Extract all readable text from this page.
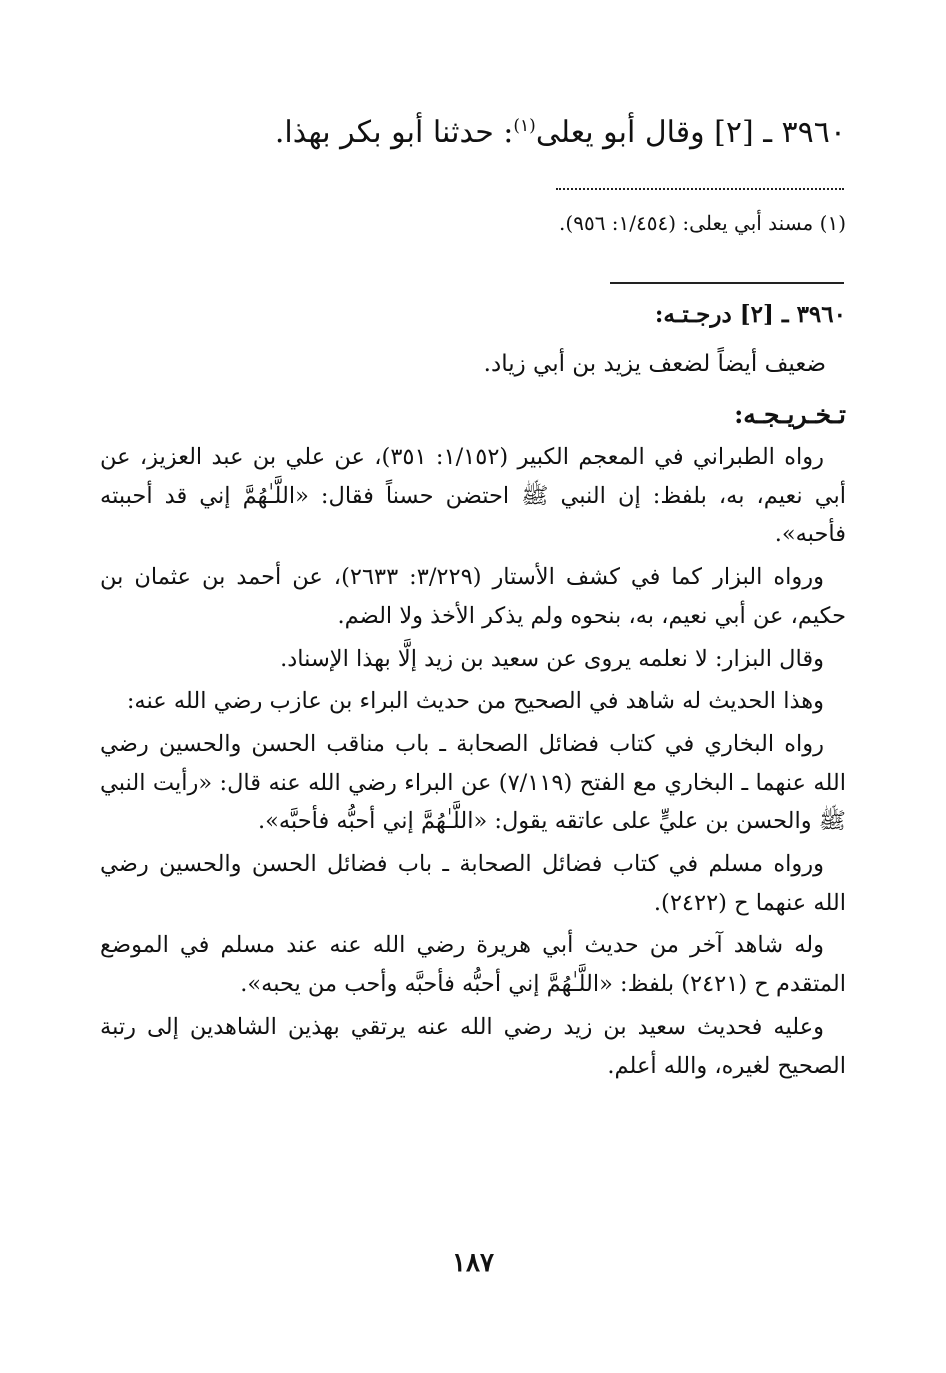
٣٩٦٠ ـ [٢] وقال أبو يعلى$^{(١)}$: حدثنا أبو بكر بهذا.

(١) مسند أبي يعلى: (١/٤٥٤: ٩٥٦).

٣٩٦٠ ـ [٢] درجـتـه:

ضعيف أيضاً لضعف يزيد بن أبي زياد.

تـخـريـجـه:

رواه الطبراني في المعجم الكبير (١/١٥٢: ٣٥١)، عن علي بن عبد العزيز، عن أبي نعيم، به، بلفظ: إن النبي ﷺ احتضن حسناً فقال: «اللَّـٰهُمَّ إني قد أحببته فأحبه».

ورواه البزار كما في كشف الأستار (٣/٢٢٩: ٢٦٣٣)، عن أحمد بن عثمان بن حكيم، عن أبي نعيم، به، بنحوه ولم يذكر الأخذ ولا الضم.

وقال البزار: لا نعلمه يروى عن سعيد بن زيد إلَّا بهذا الإسناد.

وهذا الحديث له شاهد في الصحيح من حديث البراء بن عازب رضي الله عنه:

رواه البخاري في كتاب فضائل الصحابة ـ باب مناقب الحسن والحسين رضي الله عنهما ـ البخاري مع الفتح (٧/١١٩) عن البراء رضي الله عنه قال: «رأيت النبي ﷺ والحسن بن عليٍّ على عاتقه يقول: «اللَّـٰهُمَّ إني أحبُّه فأحبَّه».

ورواه مسلم في كتاب فضائل الصحابة ـ باب فضائل الحسن والحسين رضي الله عنهما ح (٢٤٢٢).

وله شاهد آخر من حديث أبي هريرة رضي الله عنه عند مسلم في الموضع المتقدم ح (٢٤٢١) بلفظ: «اللَّـٰهُمَّ إني أحبُّه فأحبَّه وأحب من يحبه».

وعليه فحديث سعيد بن زيد رضي الله عنه يرتقي بهذين الشاهدين إلى رتبة الصحيح لغيره، والله أعلم.

١٨٧
